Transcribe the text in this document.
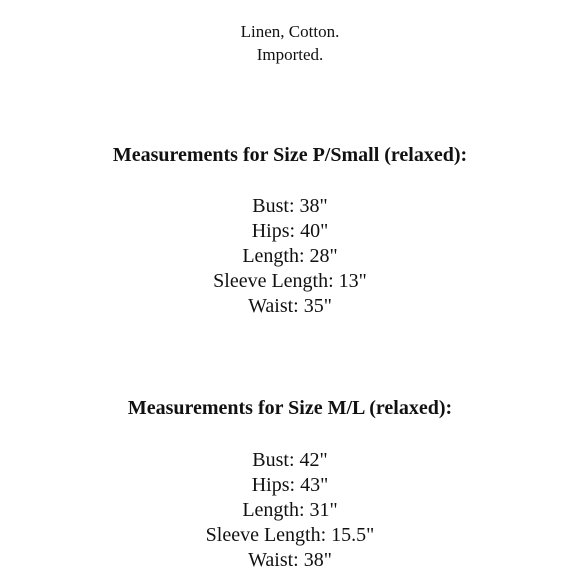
Linen, Cotton.
Imported.
Measurements for Size P/Small (relaxed):
Bust: 38"
Hips: 40"
Length: 28"
Sleeve Length: 13"
Waist: 35"
Measurements for Size M/L (relaxed):
Bust: 42"
Hips: 43"
Length: 31"
Sleeve Length: 15.5"
Waist: 38"
